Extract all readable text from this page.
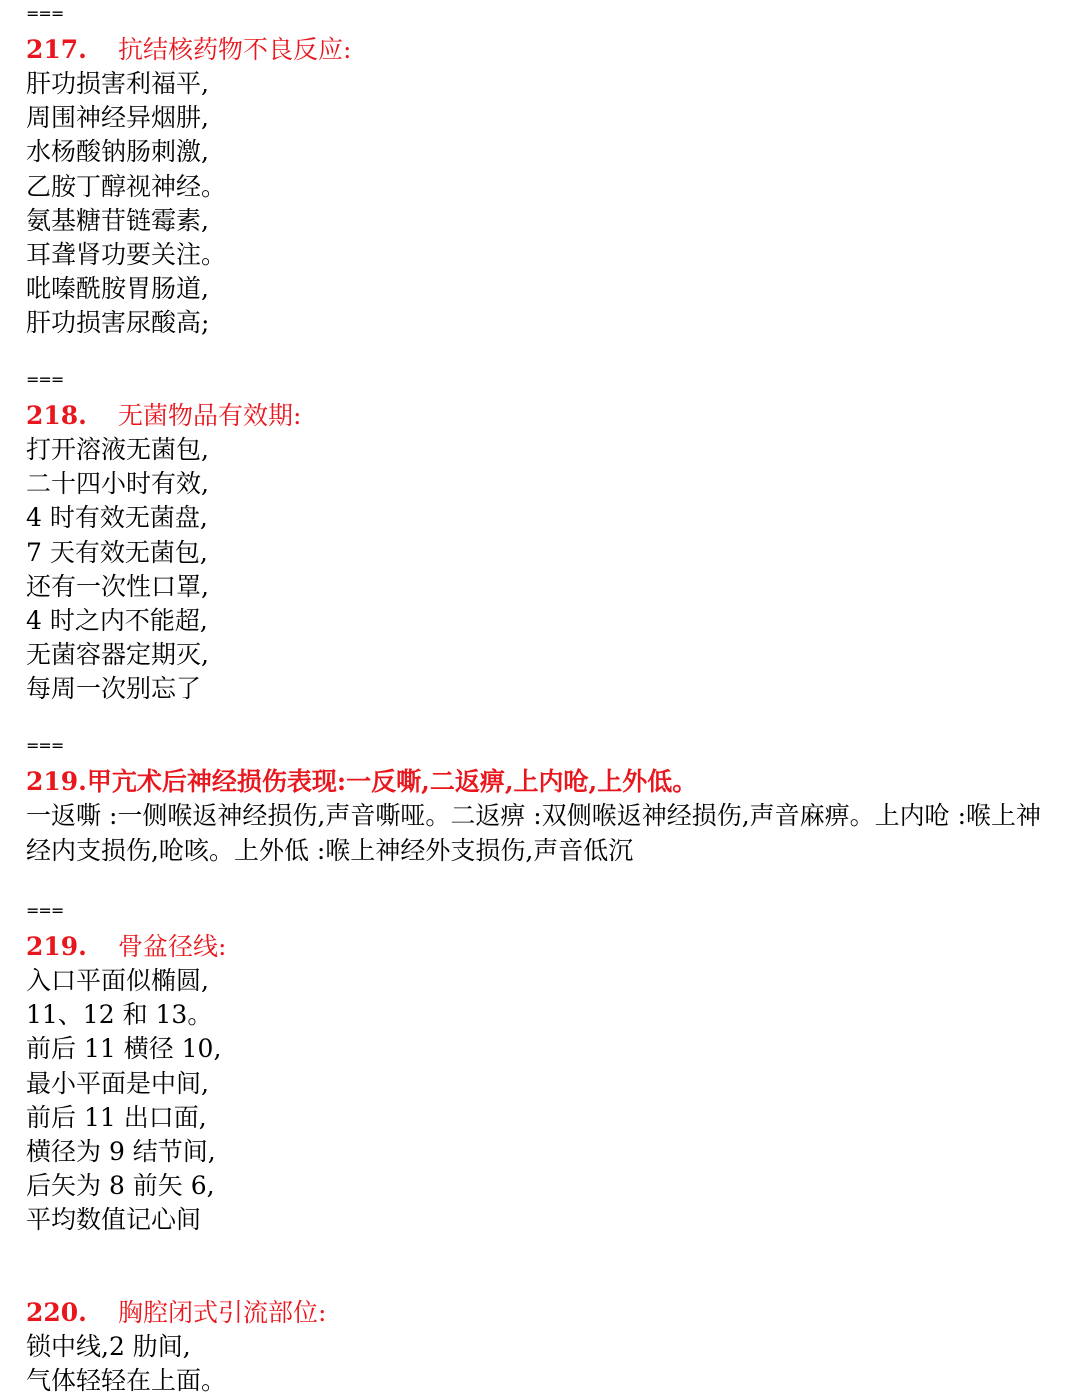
===
217.	抗结核药物不良反应:
肝功损害利福平,
周围神经异烟肼,
水杨酸钠肠刺激,
乙胺丁醇视神经。
氨基糖苷链霉素,
耳聋肾功要关注。
吡嗪酰胺胃肠道,
肝功损害尿酸高;
===
218.	无菌物品有效期:
打开溶液无菌包,
二十四小时有效,
4 时有效无菌盘,
7 天有效无菌包,
还有一次性口罩,
4 时之内不能超,
无菌容器定期灭,
每周一次别忘了
===
219.甲亢术后神经损伤表现:一反嘶,二返痹,上内呛,上外低。
一返嘶 :一侧喉返神经损伤,声音嘶哑。二返痹 :双侧喉返神经损伤,声音麻痹。上内呛 :喉上神经内支损伤,呛咳。上外低 :喉上神经外支损伤,声音低沉
===
219.	骨盆径线:
入口平面似椭圆,
11、12 和 13。
前后 11 横径 10,
最小平面是中间,
前后 11 出口面,
横径为 9 结节间,
后矢为 8 前矢 6,
平均数值记心间
220.	胸腔闭式引流部位:
锁中线,2 肋间,
气体轻轻在上面。
